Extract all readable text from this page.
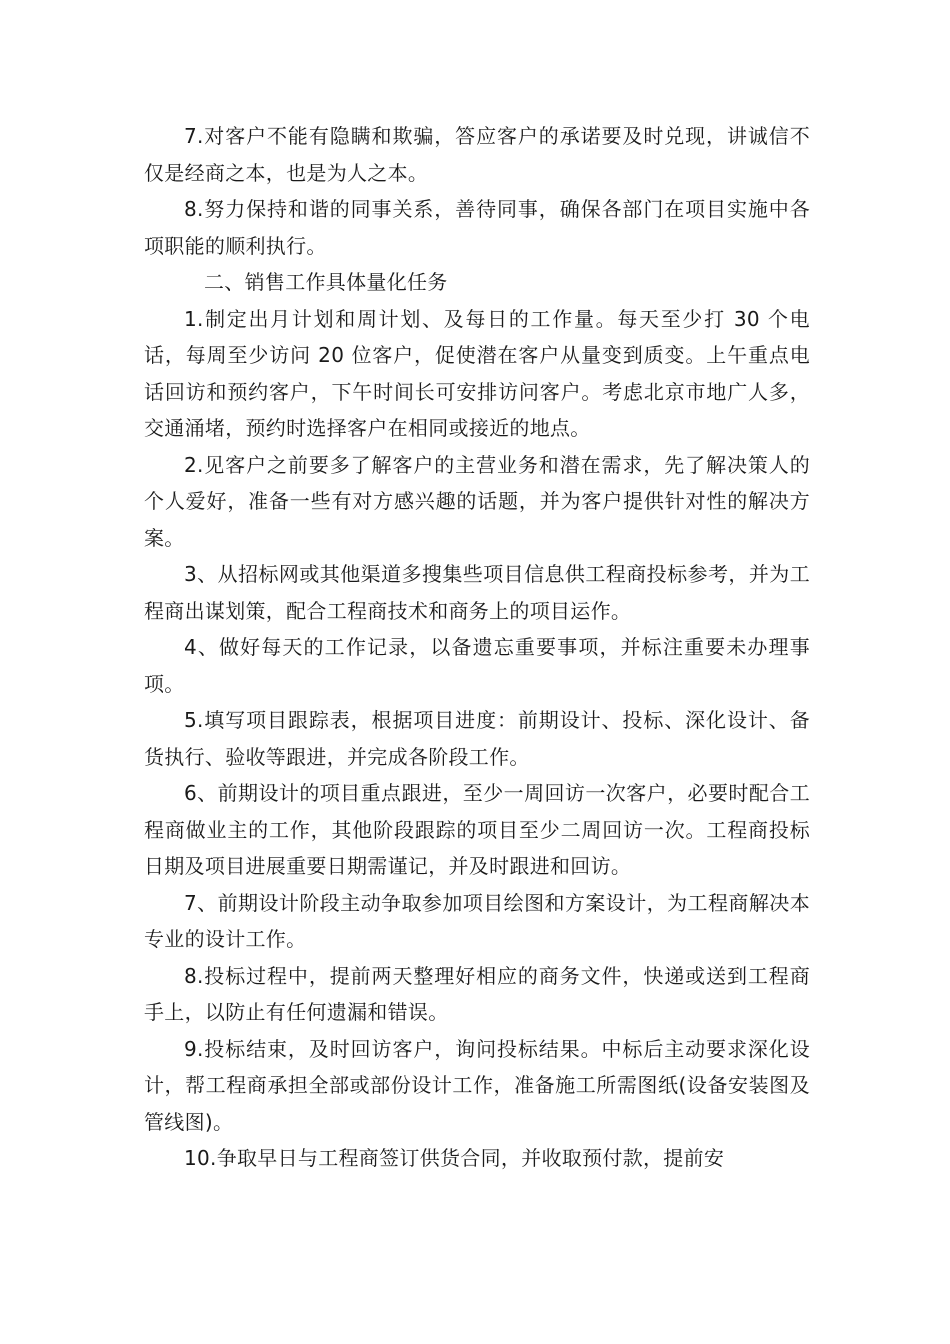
7.对客户不能有隐瞒和欺骗，答应客户的承诺要及时兑现，讲诚信不仅是经商之本，也是为人之本。

8.努力保持和谐的同事关系，善待同事，确保各部门在项目实施中各项职能的顺利执行。

二、销售工作具体量化任务

1.制定出月计划和周计划、及每日的工作量。每天至少打 30 个电话，每周至少访问 20 位客户，促使潜在客户从量变到质变。上午重点电话回访和预约客户，下午时间长可安排访问客户。考虑北京市地广人多，交通涌堵，预约时选择客户在相同或接近的地点。

2.见客户之前要多了解客户的主营业务和潜在需求，先了解决策人的个人爱好，准备一些有对方感兴趣的话题，并为客户提供针对性的解决方案。

3、从招标网或其他渠道多搜集些项目信息供工程商投标参考，并为工程商出谋划策，配合工程商技术和商务上的项目运作。

4、做好每天的工作记录，以备遗忘重要事项，并标注重要未办理事项。

5.填写项目跟踪表，根据项目进度：前期设计、投标、深化设计、备货执行、验收等跟进，并完成各阶段工作。

6、前期设计的项目重点跟进，至少一周回访一次客户，必要时配合工程商做业主的工作，其他阶段跟踪的项目至少二周回访一次。工程商投标日期及项目进展重要日期需谨记，并及时跟进和回访。

7、前期设计阶段主动争取参加项目绘图和方案设计，为工程商解决本专业的设计工作。

8.投标过程中，提前两天整理好相应的商务文件，快递或送到工程商手上，以防止有任何遗漏和错误。

9.投标结束，及时回访客户，询问投标结果。中标后主动要求深化设计，帮工程商承担全部或部份设计工作，准备施工所需图纸(设备安装图及管线图)。

10.争取早日与工程商签订供货合同，并收取预付款，提前安
